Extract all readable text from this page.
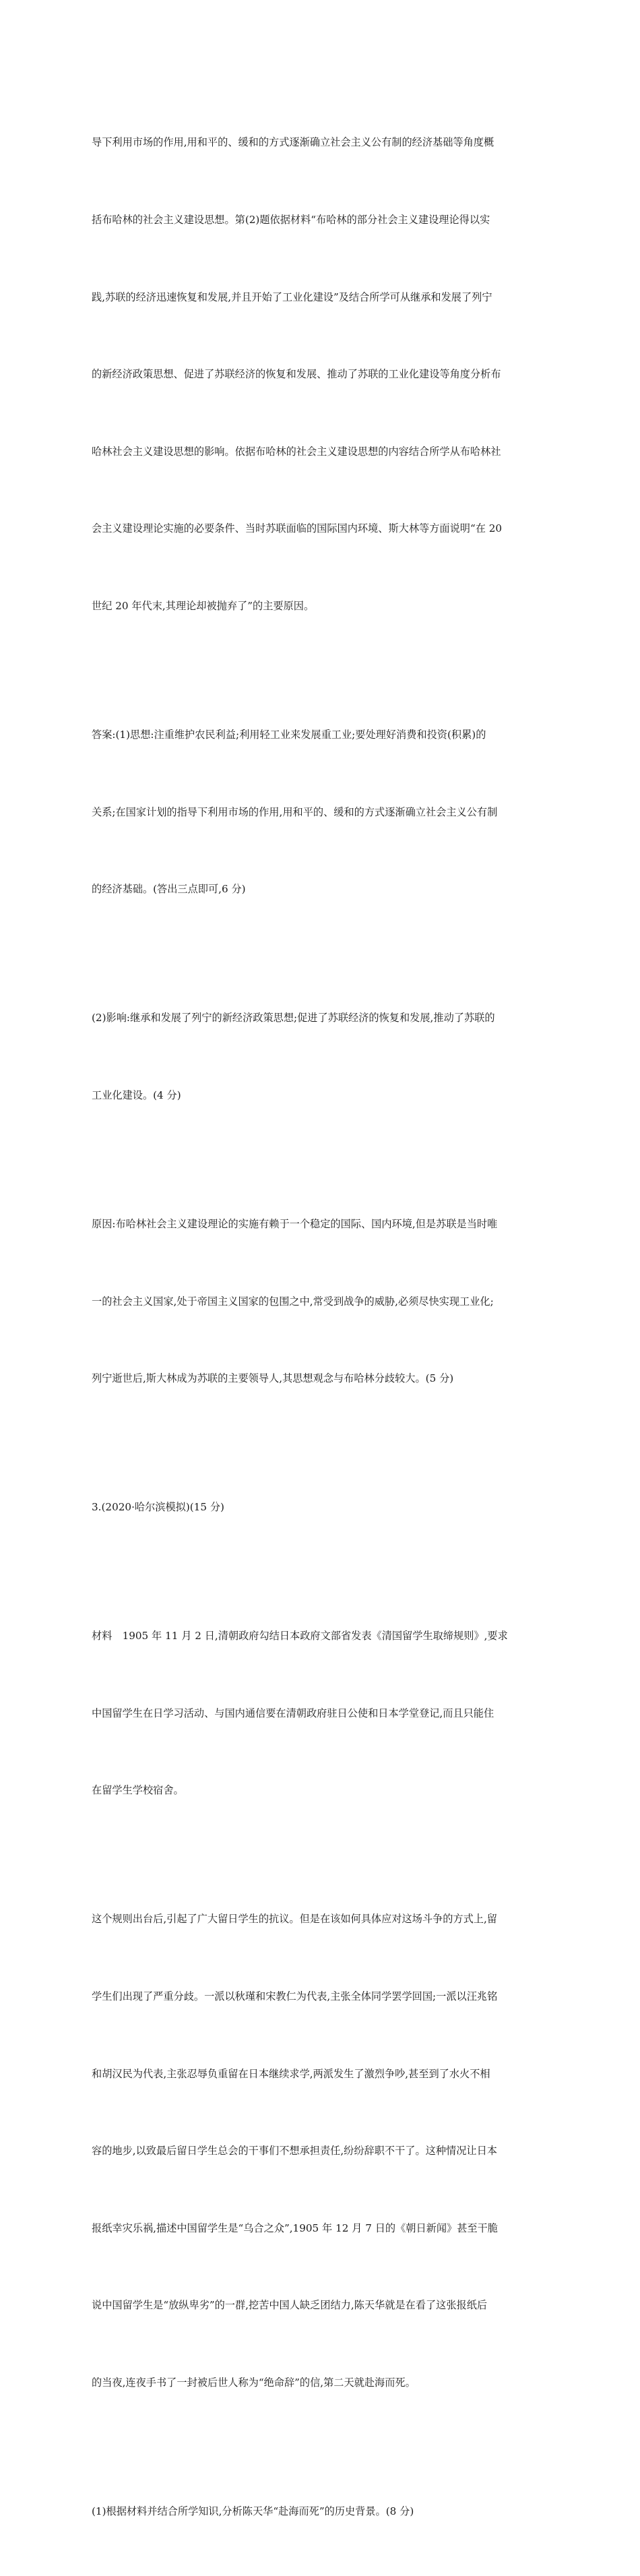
导下利用市场的作用,用和平的、缓和的方式逐渐确立社会主义公有制的经济基础等角度概

括布哈林的社会主义建设思想。第(2)题依据材料“布哈林的部分社会主义建设理论得以实

践,苏联的经济迅速恢复和发展,并且开始了工业化建设”及结合所学可从继承和发展了列宁

的新经济政策思想、促进了苏联经济的恢复和发展、推动了苏联的工业化建设等角度分析布

哈林社会主义建设思想的影响。依据布哈林的社会主义建设思想的内容结合所学从布哈林社

会主义建设理论实施的必要条件、当时苏联面临的国际国内环境、斯大林等方面说明“在 20

世纪 20 年代末,其理论却被抛弃了”的主要原因。

答案:(1)思想:注重维护农民利益;利用轻工业来发展重工业;要处理好消费和投资(积累)的

关系;在国家计划的指导下利用市场的作用,用和平的、缓和的方式逐渐确立社会主义公有制

的经济基础。(答出三点即可,6 分)

(2)影响:继承和发展了列宁的新经济政策思想;促进了苏联经济的恢复和发展,推动了苏联的

工业化建设。(4 分)

原因:布哈林社会主义建设理论的实施有赖于一个稳定的国际、国内环境,但是苏联是当时唯

一的社会主义国家,处于帝国主义国家的包围之中,常受到战争的威胁,必须尽快实现工业化;

列宁逝世后,斯大林成为苏联的主要领导人,其思想观念与布哈林分歧较大。(5 分)

3.(2020·哈尔滨模拟)(15 分)

材料　1905 年 11 月 2 日,清朝政府勾结日本政府文部省发表《清国留学生取缔规则》,要求

中国留学生在日学习活动、与国内通信要在清朝政府驻日公使和日本学堂登记,而且只能住

在留学生学校宿舍。

这个规则出台后,引起了广大留日学生的抗议。但是在该如何具体应对这场斗争的方式上,留

学生们出现了严重分歧。一派以秋瑾和宋教仁为代表,主张全体同学罢学回国;一派以汪兆铭

和胡汉民为代表,主张忍辱负重留在日本继续求学,两派发生了激烈争吵,甚至到了水火不相

容的地步,以致最后留日学生总会的干事们不想承担责任,纷纷辞职不干了。这种情况让日本

报纸幸灾乐祸,描述中国留学生是“乌合之众”,1905 年 12 月 7 日的《朝日新闻》甚至干脆

说中国留学生是“放纵卑劣”的一群,挖苦中国人缺乏团结力,陈天华就是在看了这张报纸后

的当夜,连夜手书了一封被后世人称为“绝命辞”的信,第二天就赴海而死。

(1)根据材料并结合所学知识,分析陈天华“赴海而死”的历史背景。(8 分)
